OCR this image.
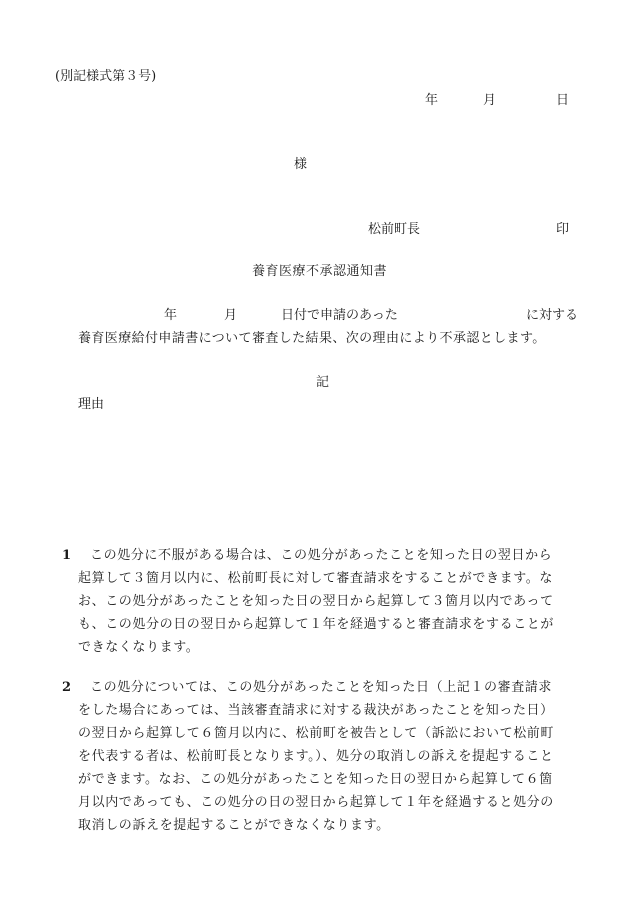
(別記様式第３号)
年	月	日
様
松前町長	印
養育医療不承認通知書
年	月	日付で申請のあった	に対する
養育医療給付申請書について審査した結果、次の理由により不承認とします。
記
理由
1 この処分に不服がある場合は、この処分があったことを知った日の翌日から
起算して３箇月以内に、松前町長に対して審査請求をすることができます。な
お、この処分があったことを知った日の翌日から起算して３箇月以内であって
も、この処分の日の翌日から起算して１年を経過すると審査請求をすることが
できなくなります。
2 この処分については、この処分があったことを知った日（上記１の審査請求
をした場合にあっては、当該審査請求に対する裁決があったことを知った日）
の翌日から起算して６箇月以内に、松前町を被告として（訴訟において松前町
を代表する者は、松前町長となります。）、処分の取消しの訴えを提起すること
ができます。なお、この処分があったことを知った日の翌日から起算して６箇
月以内であっても、この処分の日の翌日から起算して１年を経過すると処分の
取消しの訴えを提起することができなくなります。
